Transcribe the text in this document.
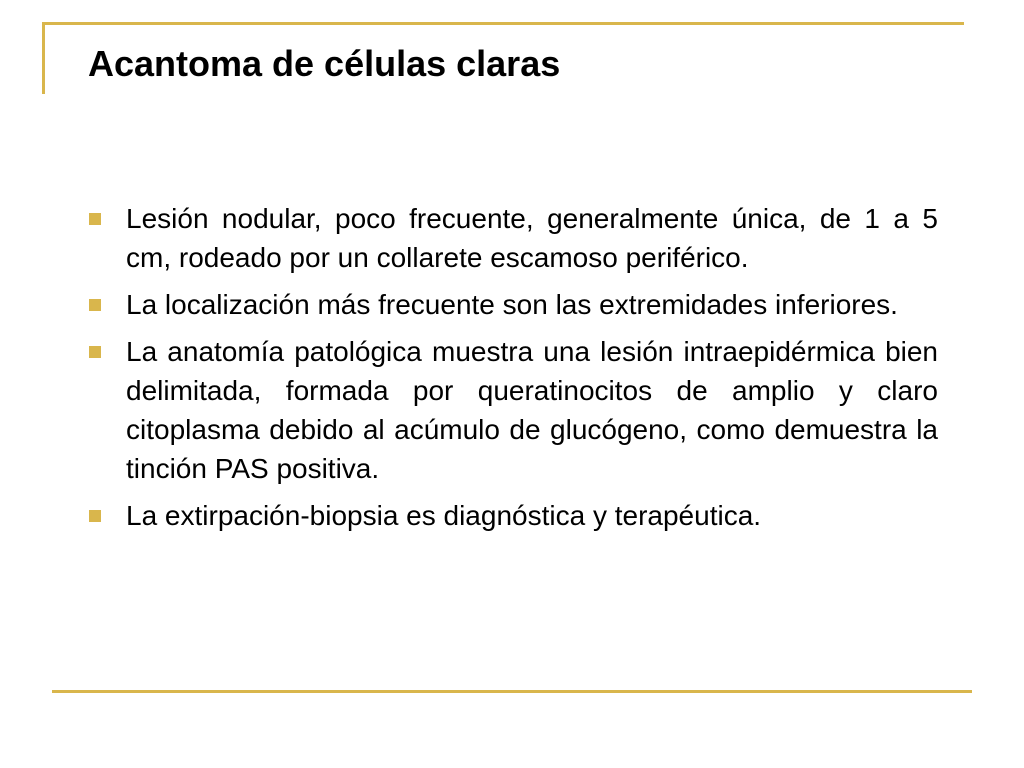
Acantoma de células claras
Lesión nodular, poco frecuente, generalmente única, de 1 a 5 cm, rodeado por un collarete escamoso periférico.
La localización más frecuente son las extremidades inferiores.
La anatomía patológica muestra una lesión intraepidérmica bien delimitada, formada por queratinocitos de amplio y claro citoplasma debido al acúmulo de glucógeno, como demuestra la tinción PAS positiva.
La extirpación-biopsia es diagnóstica y terapéutica.
